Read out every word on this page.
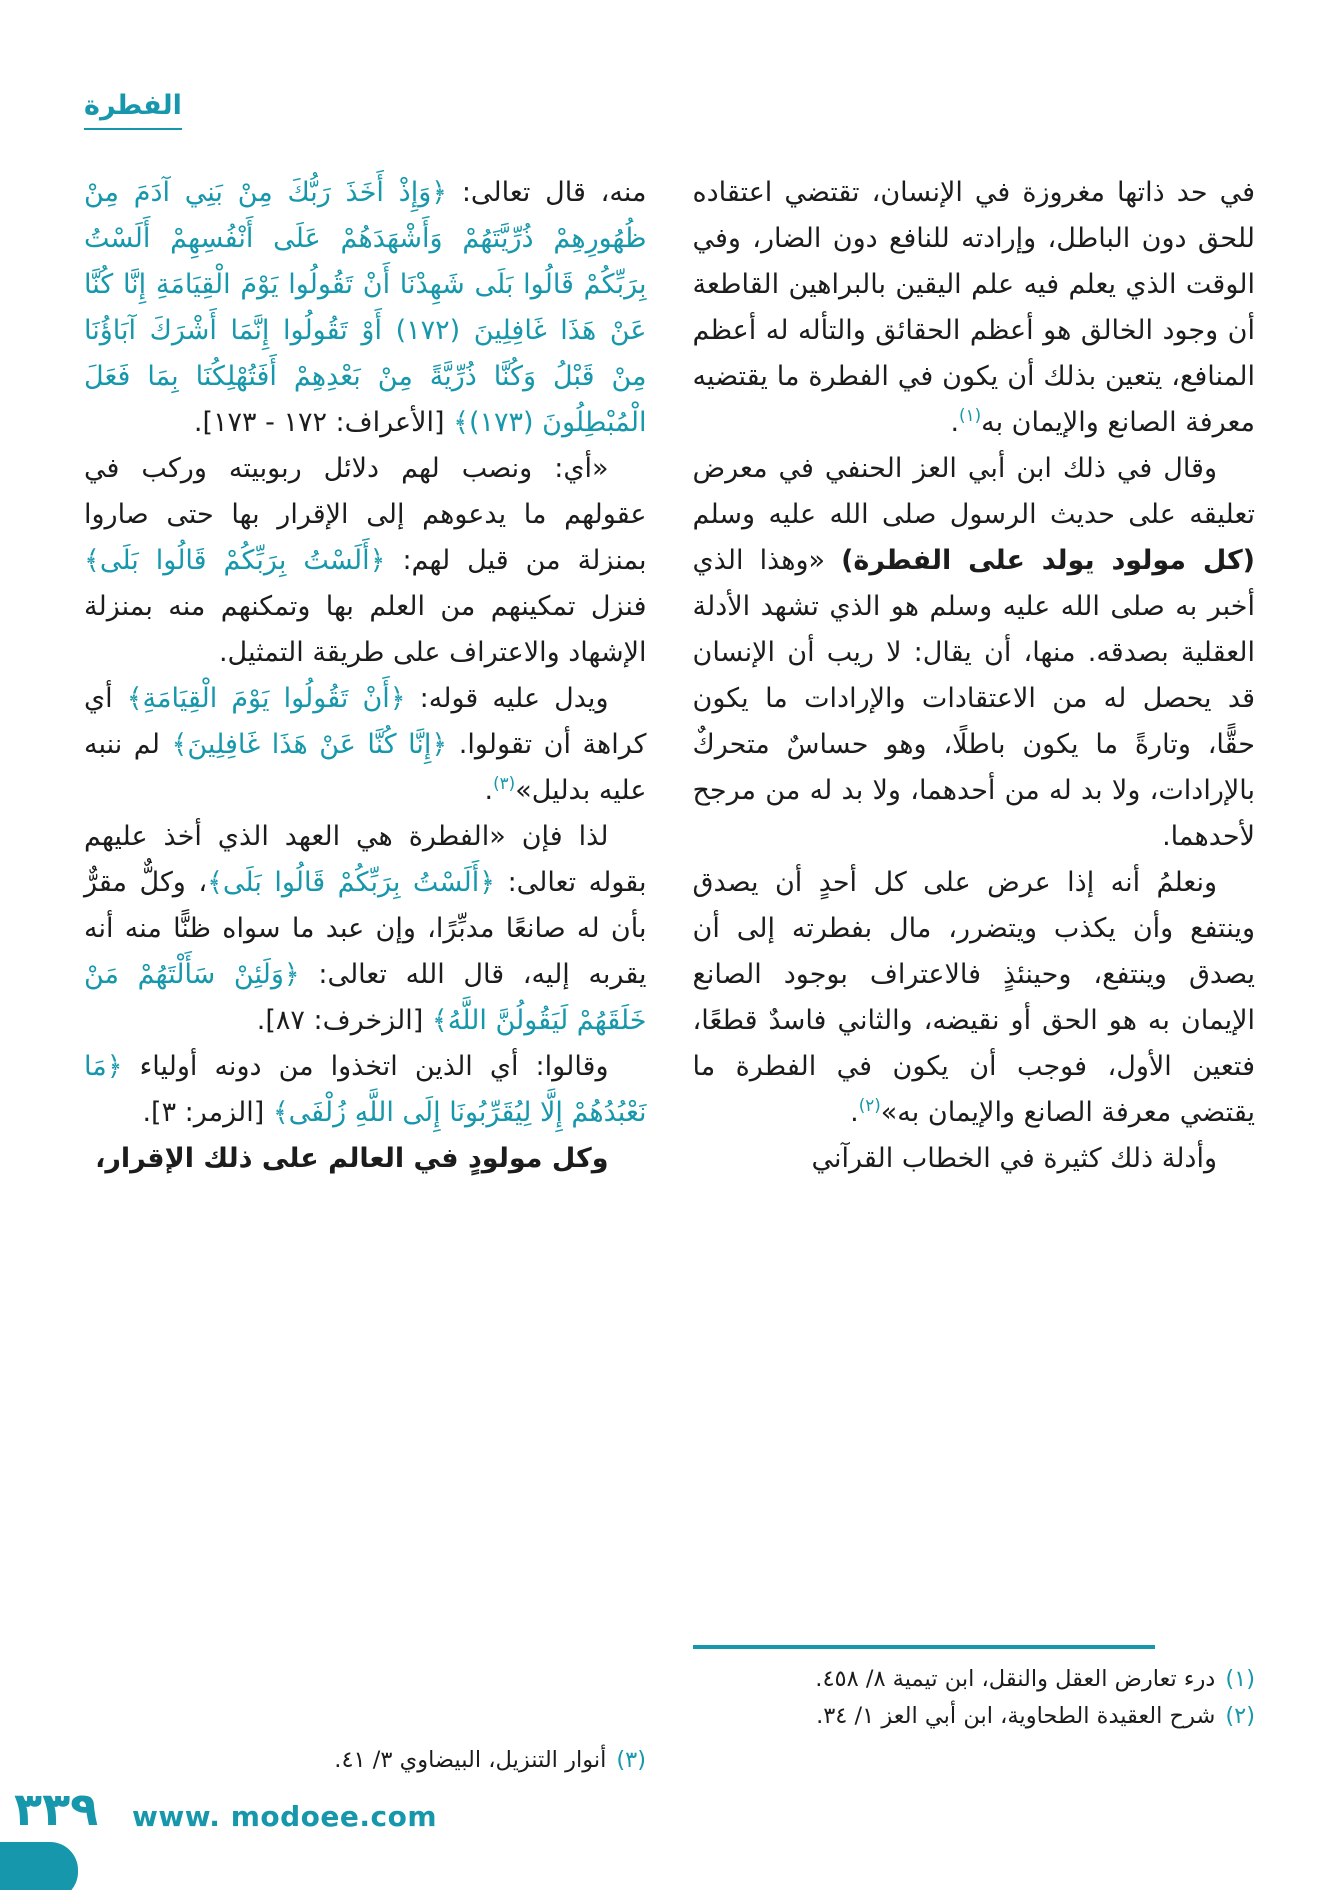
الفطرة

في حد ذاتها مغروزة في الإنسان، تقتضي اعتقاده للحق دون الباطل، وإرادته للنافع دون الضار، وفي الوقت الذي يعلم فيه علم اليقين بالبراهين القاطعة أن وجود الخالق هو أعظم الحقائق والتأله له أعظم المنافع، يتعين بذلك أن يكون في الفطرة ما يقتضيه معرفة الصانع والإيمان به$^{(١)}$.

وقال في ذلك ابن أبي العز الحنفي في معرض تعليقه على حديث الرسول صلى الله عليه وسلم (كل مولود يولد على الفطرة) «وهذا الذي أخبر به صلى الله عليه وسلم هو الذي تشهد الأدلة العقلية بصدقه. منها، أن يقال: لا ريب أن الإنسان قد يحصل له من الاعتقادات والإرادات ما يكون حقًّا، وتارةً ما يكون باطلًا، وهو حساسٌ متحركٌ بالإرادات، ولا بد له من أحدهما، ولا بد له من مرجح لأحدهما.

ونعلمُ أنه إذا عرض على كل أحدٍ أن يصدق وينتفع وأن يكذب ويتضرر، مال بفطرته إلى أن يصدق وينتفع، وحينئذٍ فالاعتراف بوجود الصانع الإيمان به هو الحق أو نقيضه، والثاني فاسدٌ قطعًا، فتعين الأول، فوجب أن يكون في الفطرة ما يقتضي معرفة الصانع والإيمان به»$^{(٢)}$.

وأدلة ذلك كثيرة في الخطاب القرآني

منه، قال تعالى: ﴿وَإِذْ أَخَذَ رَبُّكَ مِنْ بَنِي آدَمَ مِنْ ظُهُورِهِمْ ذُرِّيَّتَهُمْ وَأَشْهَدَهُمْ عَلَى أَنْفُسِهِمْ أَلَسْتُ بِرَبِّكُمْ قَالُوا بَلَى شَهِدْنَا أَنْ تَقُولُوا يَوْمَ الْقِيَامَةِ إِنَّا كُنَّا عَنْ هَذَا غَافِلِينَ (١٧٢) أَوْ تَقُولُوا إِنَّمَا أَشْرَكَ آبَاؤُنَا مِنْ قَبْلُ وَكُنَّا ذُرِّيَّةً مِنْ بَعْدِهِمْ أَفَتُهْلِكُنَا بِمَا فَعَلَ الْمُبْطِلُونَ (١٧٣)﴾ [الأعراف: ١٧٢ - ١٧٣].

«أي: ونصب لهم دلائل ربوبيته وركب في عقولهم ما يدعوهم إلى الإقرار بها حتى صاروا بمنزلة من قيل لهم: ﴿أَلَسْتُ بِرَبِّكُمْ قَالُوا بَلَى﴾ فنزل تمكينهم من العلم بها وتمكنهم منه بمنزلة الإشهاد والاعتراف على طريقة التمثيل.

ويدل عليه قوله: ﴿أَنْ تَقُولُوا يَوْمَ الْقِيَامَةِ﴾ أي كراهة أن تقولوا. ﴿إِنَّا كُنَّا عَنْ هَذَا غَافِلِينَ﴾ لم ننبه عليه بدليل»$^{(٣)}$.

لذا فإن «الفطرة هي العهد الذي أخذ عليهم بقوله تعالى: ﴿أَلَسْتُ بِرَبِّكُمْ قَالُوا بَلَى﴾، وكلٌّ مقرٌّ بأن له صانعًا مدبِّرًا، وإن عبد ما سواه ظنًّا منه أنه يقربه إليه، قال الله تعالى: ﴿وَلَئِنْ سَأَلْتَهُمْ مَنْ خَلَقَهُمْ لَيَقُولُنَّ اللَّهُ﴾ [الزخرف: ٨٧].

وقالوا: أي الذين اتخذوا من دونه أولياء ﴿مَا نَعْبُدُهُمْ إِلَّا لِيُقَرِّبُونَا إِلَى اللَّهِ زُلْفَى﴾ [الزمر: ٣].

وكل مولودٍ في العالم على ذلك الإقرار،

(١)درء تعارض العقل والنقل، ابن تيمية ٨/ ٤٥٨.
(٢)شرح العقيدة الطحاوية، ابن أبي العز ١/ ٣٤.
(٣)أنوار التنزيل، البيضاوي ٣/ ٤١.
٣٣٩ www. modoee.com
